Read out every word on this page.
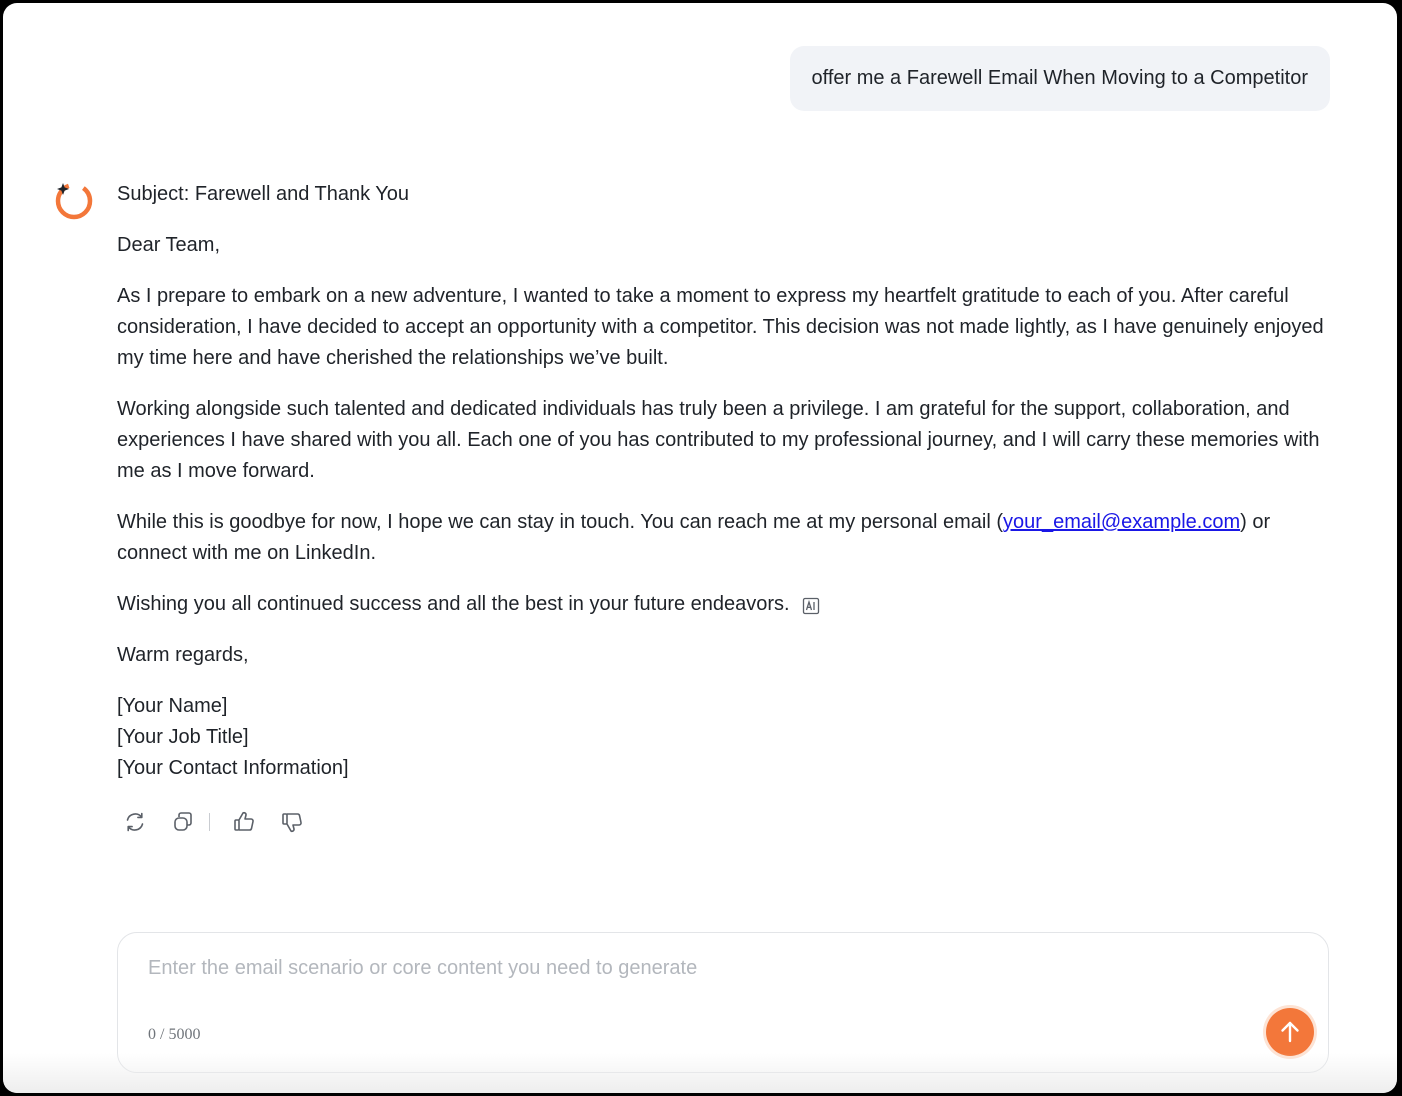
offer me a Farewell Email When Moving to a Competitor

Subject: Farewell and Thank You

Dear Team,

As I prepare to embark on a new adventure, I wanted to take a moment to express my heartfelt gratitude to each of you. After careful consideration, I have decided to accept an opportunity with a competitor. This decision was not made lightly, as I have genuinely enjoyed my time here and have cherished the relationships we’ve built.

Working alongside such talented and dedicated individuals has truly been a privilege. I am grateful for the support, collaboration, and experiences I have shared with you all. Each one of you has contributed to my professional journey, and I will carry these memories with me as I move forward.

While this is goodbye for now, I hope we can stay in touch. You can reach me at my personal email (your_email@example.com) or connect with me on LinkedIn.

Wishing you all continued success and all the best in your future endeavors.

Warm regards,

[Your Name]
[Your Job Title]
[Your Contact Information]

Enter the email scenario or core content you need to generate
0 / 5000
